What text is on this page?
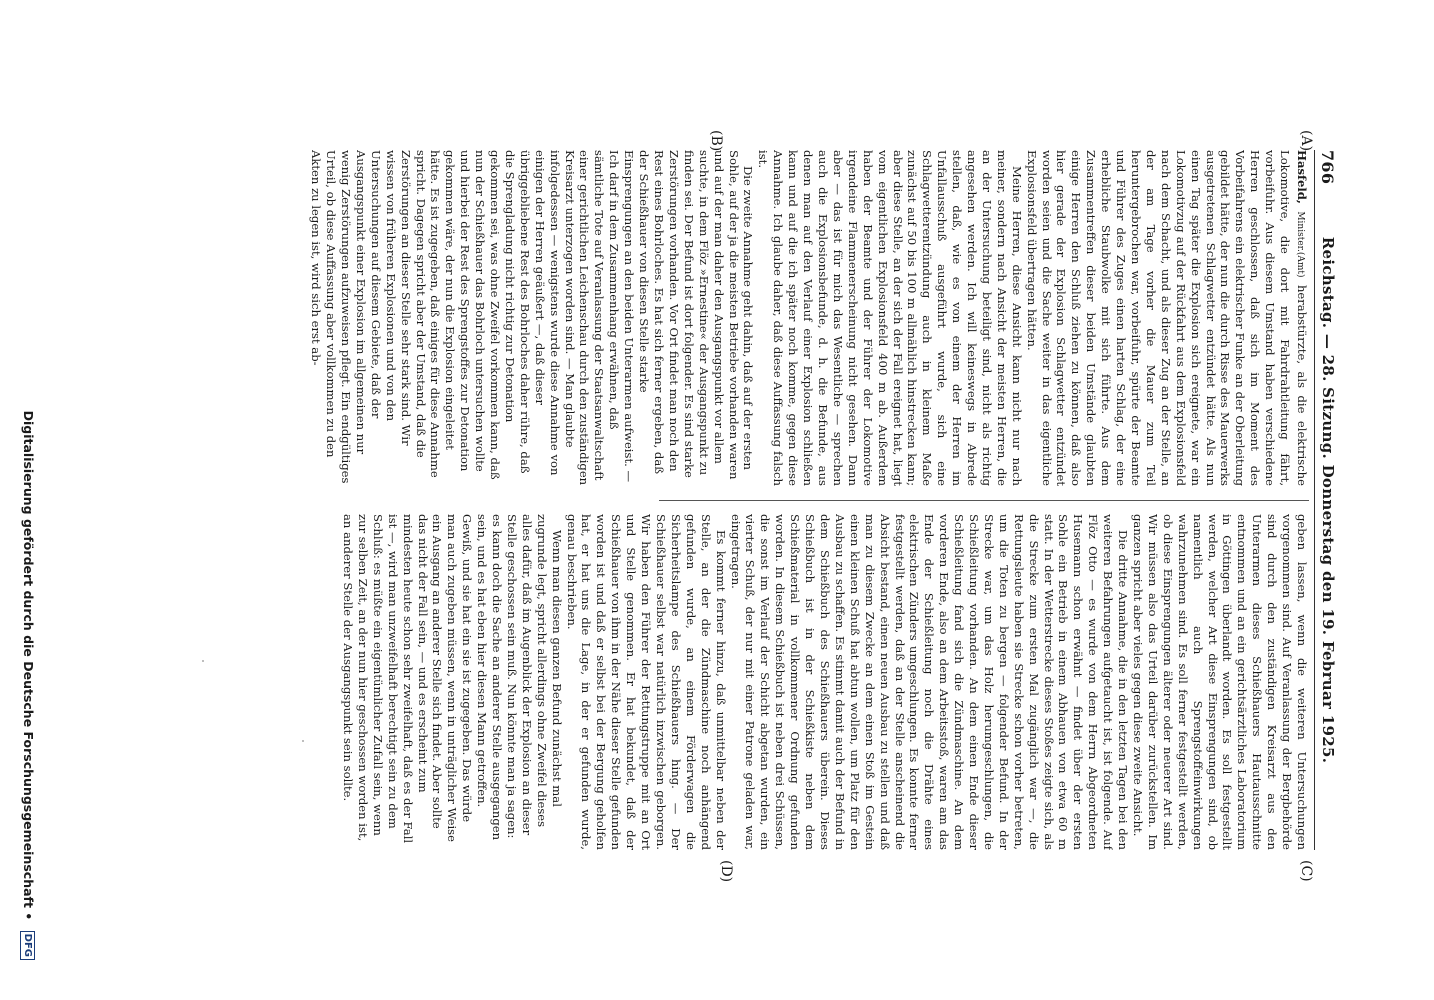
766
Reichstag. — 28. Sitzung. Donnerstag den 19. Februar 1925.

Hasfeld, Minister.(Amt) herabstürzte, als die elektrische Lokomotive, die dort mit Fahrdrahtleitung fährt, vorbeifuhr. Aus diesem Umstand haben verschiedene Herren geschlossen, daß sich im Moment des Vorbeifahrens ein elektrischer Funke an der Oberleitung gebildet hätte, der nun die durch Risse des Mauerwerks ausgetretenen Schlagwetter entzündet hätte. Als nun einen Tag später die Explosion sich ereignete, war ein Lokomotivzug auf der Rückfahrt aus dem Explosionsfeld nach dem Schacht, und als dieser Zug an der Stelle, an der am Tage vorher die Mauer zum Teil heruntergebrochen war, vorbeifuhr, spürte der Beamte und Führer des Zuges einen harten Schlag, der eine erhebliche Staubwolke mit sich führte. Aus dem Zusammentreffen dieser beiden Umstände glaubten einige Herren den Schluß ziehen zu können, daß also hier gerade der Explosion Schlagwetter entzündet worden seien und die Sache weiter in das eigentliche Explosionsfeld übertragen hätten.

Meine Herren, diese Ansicht kann nicht nur nach meiner, sondern nach Ansicht der meisten Herren, die an der Untersuchung beteiligt sind, nicht als richtig angesehen werden. Ich will keineswegs in Abrede stellen, daß, wie es von einem der Herren im Unfallausschuß ausgeführt wurde, sich eine Schlagwetterentzündung auch in kleinem Maße zunächst auf 50 bis 100 m allmählich hinstrecken kann; aber diese Stelle, an der sich der Fall ereignet hat, liegt vom eigentlichen Explosionsfeld 400 m ab. Außerdem haben der Beamte und der Führer der Lokomotive irgendeine Flammenerscheinung nicht gesehen. Dann aber — das ist für mich das Wesentliche — sprechen auch die Explosionsbefunde, d. h. die Befunde, aus denen man auf den Verlauf einer Explosion schließen kann und auf die ich später noch komme, gegen diese Annahme. Ich glaube daher, daß diese Auffassung falsch ist.

Die zweite Annahme geht dahin, daß auf der ersten Sohle, auf der ja die meisten Betriebe vorhanden waren und auf der man daher den Ausgangspunkt vor allem suchte, in dem Flöz »Ernestine« der Ausgangspunkt zu finden sei. Der Befund ist dort folgender. Es sind starke Zerstörungen vorhanden. Vor Ort findet man noch den Rest eines Bohrloches. Es hat sich ferner ergeben, daß der Schießhauer von diesen Stelle starke Einsprengungen an den beiden Unterarmen aufweist. — Ich darf in dem Zusammenhang erwähnen, daß sämtliche Tote auf Veranlassung der Staatsanwaltschaft einer gerichtlichen Leichenschau durch den zuständigen Kreisarzt unterzogen worden sind. — Man glaubte infolgedessen — wenigstens wurde diese Annahme von einigen der Herren geäußert —, daß dieser übriggebliebene Rest des Bohrloches daher rühre, daß die Sprengladung nicht richtig zur Detonation gekommen sei, was ohne Zweifel vorkommen kann, daß nun der Schießhauer das Bohrloch untersuchen wollte und hierbei der Rest des Sprengstoffes zur Detonation gekommen wäre, der nun die Explosion eingeleitet hätte. Es ist zugegeben, daß einiges für diese Annahme spricht. Dagegen spricht aber der Umstand, daß die Zerstörungen an dieser Stelle sehr stark sind. Wir wissen von früheren Explosionen und von den Untersuchungen auf diesem Gebiete, daß der Ausgangspunkt einer Explosion im allgemeinen nur wenig Zerstörungen aufzuweisen pflegt. Ein endgültiges Urteil, ob diese Auffassung aber vollkommen zu den Akten zu legen ist, wird sich erst ab-

geben lassen, wenn die weiteren Untersuchungen vorgenommen sind. Auf Veranlassung der Bergbehörde sind durch den zuständigen Kreisarzt aus den Unterarmen dieses Schießhauers Hautausschnitte entnommen und an ein gerichtsärztliches Laboratorium in Göttingen überlandt worden. Es soll festgestellt werden, welcher Art diese Einsprengungen sind, ob namentlich auch Sprengstoffeinwirkungen wahrzunehmen sind. Es soll ferner festgestellt werden, ob diese Einsprengungen älterer oder neuerer Art sind. Wir müssen also das Urteil darüber zurückstellen. Im ganzen spricht aber vieles gegen diese zweite Ansicht.

Die dritte Annahme, die in den letzten Tagen bei den weiteren Befahrungen aufgetaucht ist, ist folgende. Auf Flöz Otto — es wurde von dem Herrn Abgeordneten Husemann schon erwähnt — findet über der ersten Sohle ein Betrieb in einem Abhauen von etwa 60 m statt. In der Wetterstrecke dieses Stoßes zeigte sich, als die Strecke zum ersten Mal zugänglich war —, die Rettungsleute haben sie Strecke schon vorher betreten, um die Toten zu bergen — folgender Befund. In der Strecke war, um das Holz herumgeschlungen, die Schießleitung vorhanden. An dem einen Ende dieser Schießleitung fand sich die Zündmaschine. An dem vorderen Ende, also an dem Arbeitsstoß, waren am das Ende der Schießleitung noch die Drähte eines elektrischen Zünders umgeschlungen. Es konnte ferner festgestellt werden, daß an der Stelle anscheinend die Absicht bestand, einen neuen Ausbau zu stellen und daß man zu diesem Zwecke an dem einen Stoß im Gestein einen kleinen Schuß hat abtun wollen, um Platz für den Ausbau zu schaffen. Es stimmt damit auch der Befund in dem Schießbuch des Schießhauers überein. Dieses Schießbuch ist in der Schießkiste neben dem Schießmaterial in vollkommener Ordnung gefunden worden. In diesem Schießbuch ist neben drei Schüssen, die sonst im Verlauf der Schicht abgetan wurden, ein vierter Schuß, der nur mit einer Patrone geladen war, eingetragen.

Es kommt ferner hinzu, daß unmittelbar neben der Stelle, an der die Zündmaschine noch anhängend gefunden wurde, an einem Förderwagen die Sicherheitslampe des Schießhauers hing. — Der Schießhauer selbst war natürlich inzwischen geborgen. Wir haben den Führer der Rettungstruppe mit an Ort und Stelle genommen. Er hat bekundet, daß der Schießhauer von ihm in der Nähe dieser Stelle gefunden worden ist und daß er selbst bei der Bergung geholfen hat, er hat uns die Lage, in der er gefunden wurde, genau beschrieben.

Wenn man diesen ganzen Befund zunächst mal zugrunde legt, spricht allerdings ohne Zweifel dieses alles dafür, daß im Augenblick der Explosion an dieser Stelle geschossen sein muß. Nun könnte man ja sagen: es kann doch die Sache an anderer Stelle ausgegangen sein, und es hat eben hier diesen Mann getroffen. Gewiß, und sie hat ein sie ist zugegeben. Das würde man auch zugeben müssen, wenn in unträglicher Weise ein Ausgang an anderer Stelle sich findet. Aber sollte das nicht der Fall sein, — und es erscheint zum mindesten heute schon sehr zweifelhaft, daß es der Fall ist —, wird man unzweifelhaft berechtigt sein zu dem Schluß: es müßte ein eigentümlicher Zufall sein, wenn zur selben Zeit, an der nun hier geschossen worden ist, an anderer Stelle der Ausgangspunkt sein sollte.

(A)
(B)
(C)
(D)
Digitalisierung gefördert durch die Deutsche Forschungsgemeinschaft • DFG
